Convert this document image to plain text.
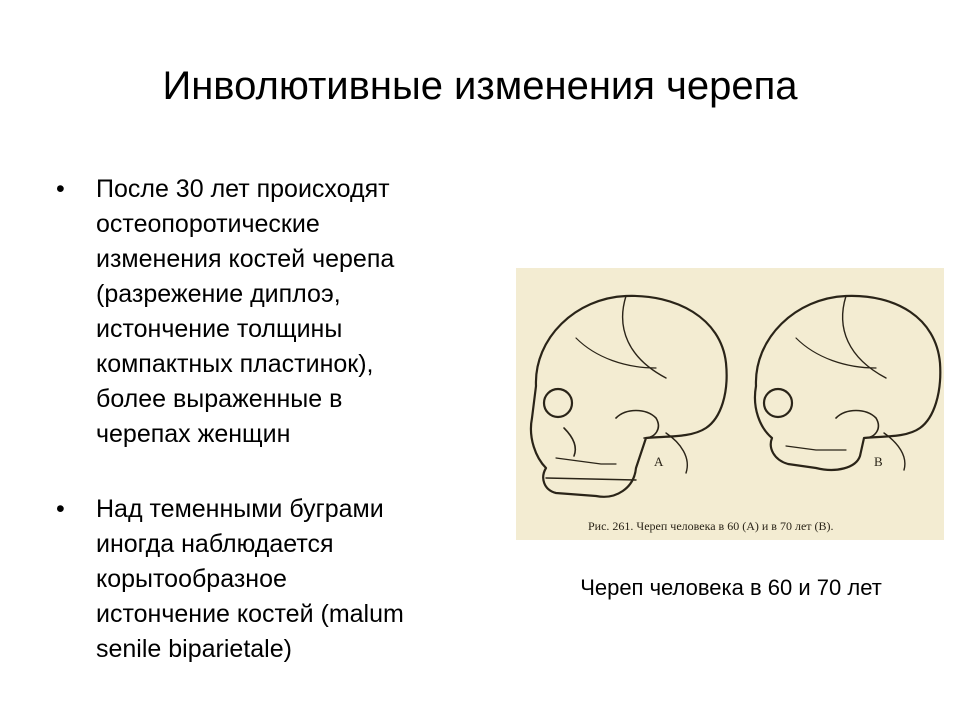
Инволютивные изменения черепа
• После 30 лет происходят
остеопоротические
изменения костей черепа
(разрежение диплоэ,
истончение толщины
компактных пластинок),
более выраженные в
черепах женщин
• Над теменными буграми
иногда наблюдается
корытообразное
истончение костей (malum
senile biparietale)
А	В
Рис. 261. Череп человека в 60 (A) и в 70 лет (B).
Череп человека в 60 и 70 лет
